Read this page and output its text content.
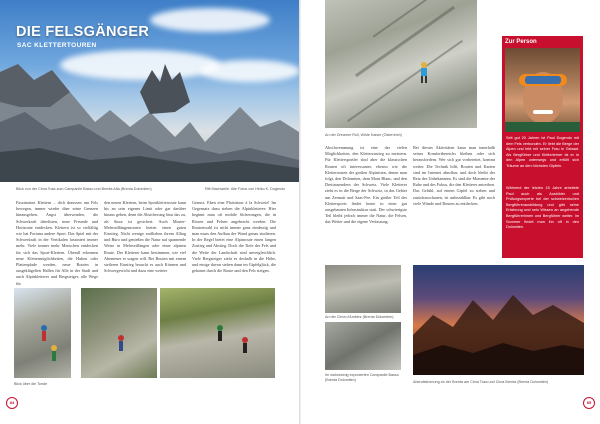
DIE FELSGÄNGER
SAC KLETTERTOUREN
Blick von der Cima Tosa zum Campanile Basso und Brenta Alta (Brenta Dolomiten)	Ritt Machweile: Alle Fotos von Heiko K. Dogendo
Faszination Klettern – dich draussen am Fels bewegen, immer wieder über seine Grenzen hinausgehen. Angst überwinden, die Schwerkraft überlisten, neue Freunde und Horizonte entdecken. Klettern ist so vielfältig wie hat Fortuna andere Sport. Das Spiel mit der Schwerkraft in der Vertikalen fasziniert immer mehr. Viele immer mehr Menschen entdecken für sich das Sport-Klettern. Überall erkennen neue Klettermöglichkeiten, die Haken oder Plattenpfade werden, neue Routen in ausgeklügelten Hallen für Alle in der Stadt und auch Alpinkletterer und Bergsteiger, alle Wege für
den neuen Klettern, beim Sportkletterroute kann bis an sein eigenes Limit oder gar darüber hinaus gehen, denn die Absicherung lässt das zu, als Sturz ist gesichert. Auch Muster-Mehrseillängenrouten bieten einen guten Einstieg. Nicht wenige entfliehen ihrem Alltag und Büro und genießen die Natur auf spannende Weise in Mehrseillängen oder einer alpinen Route. Der Kletterer kann bestimmen, wie viel Abenteuer er wagen will. Bei Routen mit einem steileren Einstieg braucht es auch Können und Schwergewicht und dazu eine weitere
Genuss. Eben eine Plaisirtour à la Schweiz! Im Gegensatz dazu stehen die Alpinkletterer: Hier beginnt man oft mobile Sicherungen, die in Rissen und Felsen angebracht werden. Die Routenwahl ist nicht immer ganz eindeutig und man muss den Aufbau der Wand genau studieren. In der Regel bietet eine Alpinroute einen langen Zustieg und Abstieg. Doch die Tiefe des Fels und die Weite der Landschaft sind unvergleichlich. Viele Bergsteiger zieht es deshalb in die Höhe, und einige davon stehen dann im Gipfelglück, die gekonnt durch die Route und den Fels steigen.
Blick über die Torste
84
An der Dreamer Roll, Wilde Kaiser (Österreich)
Abschwemmung ist eine der vielen Möglichkeiten, den Kletterzustieg zu meistern. Für Klettersportler sind aber die klassischen Routen oft interessanter, ebenso wie die Kletterrouten der großen Alpinisten, denen man folgt, den Dolomiten, dem Mont Blanc, und den Dreitausendern der Schweiz. Viele Kletterer zieht es in die Berge der Schweiz, in das Gebiet um Zermatt und Saas-Fee. Ein großer Teil des Klettersports findet heute in einer gut ausgebauten Infrastruktur statt. Der schwierigste Teil bleibt jedoch immer die Natur, die Felsen, das Wetter und die eigene Verfassung.
Bei diesen Aktivitäten kann man innerhalb seines Komfortbereichs bleiben oder sich herausfordern. Wer sich gut vorbereitet, kommt weiter. Die Technik hilft, Routen und Karten sind im Internet abrufbar, und doch bleibt der Reiz des Unbekannten. Es sind die Momente der Ruhe und des Fokus, die den Kletterer antreiben. Das Gefühl, auf einem Gipfel zu stehen und zurückzuschauen, ist unbezahlbar. Es gibt noch viele Wände und Routen zu entdecken.
Zur Person
Seit gut 20 Jahren ist Paul Dogendo mit dem Fels verbunden. Er liebt die Berge der Alpen und lebt mit seiner Frau in Gstaad. Als Bergführer und Kletterlehrer ist er in den Alpen unterwegs und erfüllt sich Träume an den höchsten Gipfeln.
Während der letzten 15 Jahre arbeitete Paul auch als Ausbilder und Prüfungsexperte bei der schweizerischen Bergführerausbildung und gibt seine Erfahrung und sein Wissen an angehende Bergführerinnen und Bergführer weiter. Im Sommer findet man ihn oft in den Dolomiten.
An der Cima d'Ambiez (Brenta Dolomiten)
Im wahnsinnig exponierten Campanile Basso (Brenta Dolomiten)	Abendstimmung an der Brenta am Cima Tosa und Cima Brenta (Brenta Dolomiten)
85
